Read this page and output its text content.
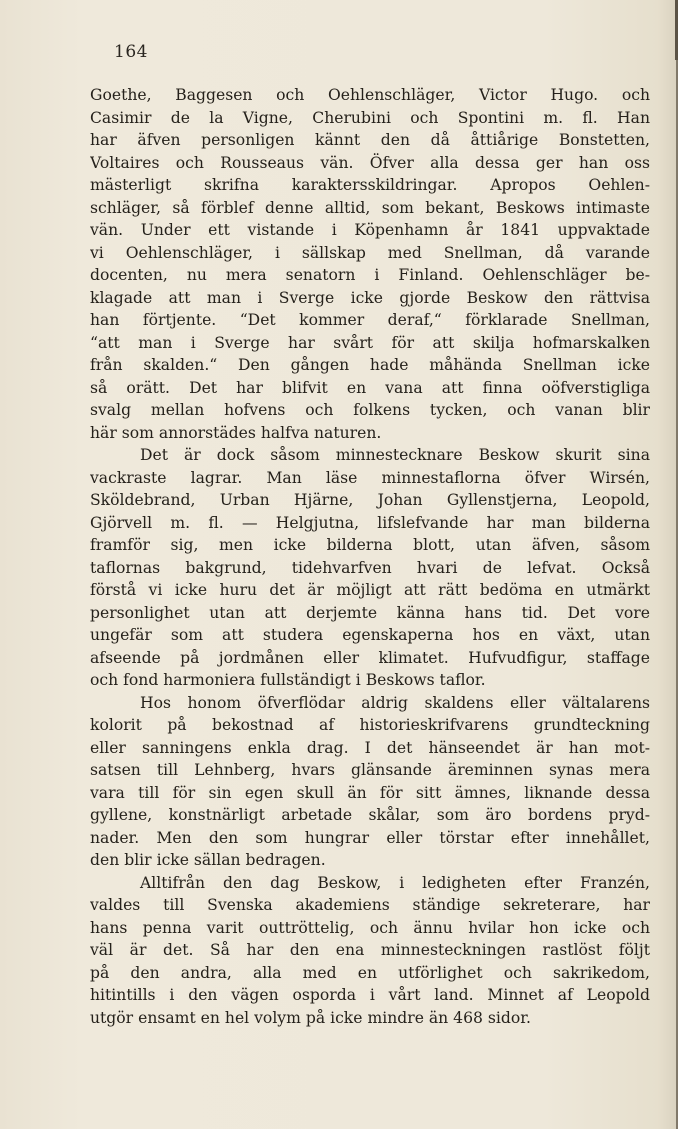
164
Goethe, Baggesen och Oehlenschläger, Victor Hugo. och
Casimir de la Vigne, Cherubini och Spontini m. fl. Han
har äfven personligen kännt den då åttiårige Bonstetten,
Voltaires och Rousseaus vän. Öfver alla dessa ger han oss
mästerligt skrifna karaktersskildringar. Apropos Oehlen-
schläger, så förblef denne alltid, som bekant, Beskows intimaste
vän. Under ett vistande i Köpenhamn år 1841 uppvaktade
vi Oehlenschläger, i sällskap med Snellman, då varande
docenten, nu mera senatorn i Finland. Oehlenschläger be-
klagade att man i Sverge icke gjorde Beskow den rättvisa
han förtjente. “Det kommer deraf,“ förklarade Snellman,
“att man i Sverge har svårt för att skilja hofmarskalken
från skalden.“ Den gången hade måhända Snellman icke
så orätt. Det har blifvit en vana att finna oöfverstigliga
svalg mellan hofvens och folkens tycken, och vanan blir
här som annorstädes halfva naturen.
Det är dock såsom minnestecknare Beskow skurit sina
vackraste lagrar. Man läse minnestaflorna öfver Wirsén,
Sköldebrand, Urban Hjärne, Johan Gyllenstjerna, Leopold,
Gjörvell m. fl. — Helgjutna, lifslefvande har man bilderna
framför sig, men icke bilderna blott, utan äfven, såsom
taflornas bakgrund, tidehvarfven hvari de lefvat. Också
förstå vi icke huru det är möjligt att rätt bedöma en utmärkt
personlighet utan att derjemte känna hans tid. Det vore
ungefär som att studera egenskaperna hos en växt, utan
afseende på jordmånen eller klimatet. Hufvudfigur, staffage
och fond harmoniera fullständigt i Beskows taflor.
Hos honom öfverflödar aldrig skaldens eller vältalarens
kolorit på bekostnad af historieskrifvarens grundteckning
eller sanningens enkla drag. I det hänseendet är han mot-
satsen till Lehnberg, hvars glänsande äreminnen synas mera
vara till för sin egen skull än för sitt ämnes, liknande dessa
gyllene, konstnärligt arbetade skålar, som äro bordens pryd-
nader. Men den som hungrar eller törstar efter innehållet,
den blir icke sällan bedragen.
Alltifrån den dag Beskow, i ledigheten efter Franzén,
valdes till Svenska akademiens ständige sekreterare, har
hans penna varit outtröttelig, och ännu hvilar hon icke och
väl är det. Så har den ena minnesteckningen rastlöst följt
på den andra, alla med en utförlighet och sakrikedom,
hitintills i den vägen osporda i vårt land. Minnet af Leopold
utgör ensamt en hel volym på icke mindre än 468 sidor.
